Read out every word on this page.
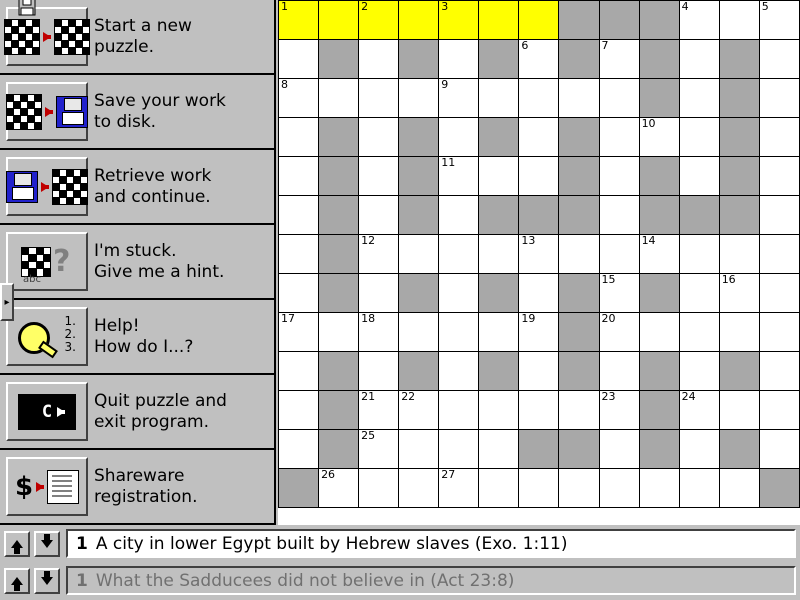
Start a new
puzzle.
Save your work
to disk.
Retrieve work
and continue.
?
abc
I'm stuck.
Give me a hint.
1.
2.
3.
Help!
How do I...?
C
Quit puzzle and
exit program.
$	Shareware
registration.
▸
1		2		3						4		5

						6		7				

8				9								

									10			

				11								

		12				13			14			

								15			16	

17		18				19		20				

		21	22					23		24		

		25										

	26			27								

1 A city in lower Egypt built by Hebrew slaves (Exo. 1:11)
1 What the Sadducees did not believe in (Act 23:8)
